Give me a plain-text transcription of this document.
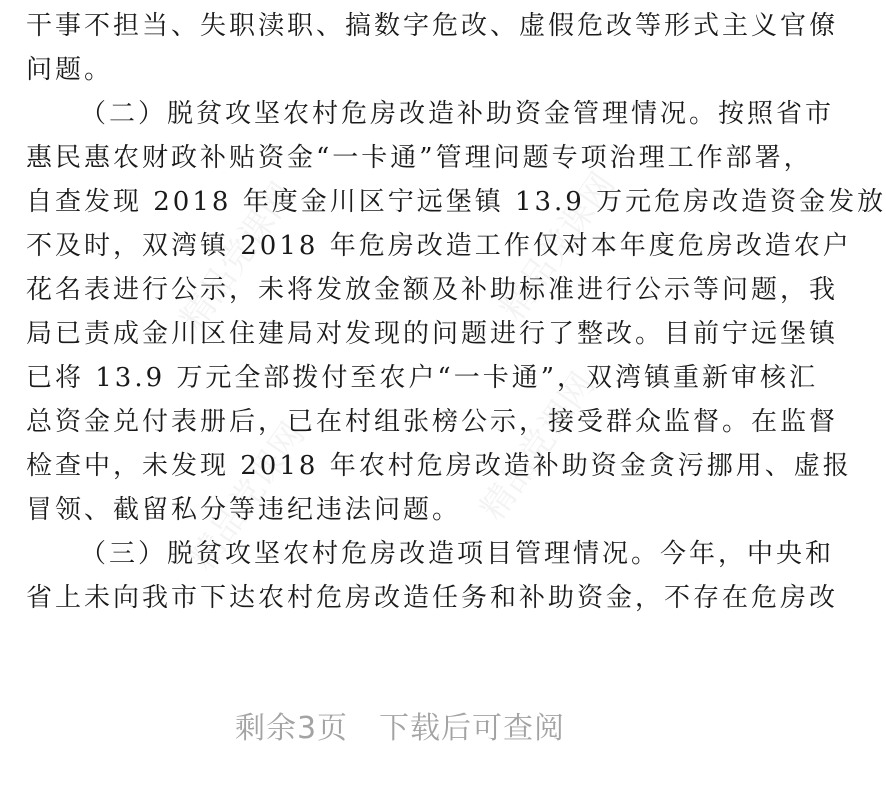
精品党课网	精品党课网
精品党课网	精品党课网
干事不担当、失职渎职、搞数字危改、虚假危改等形式主义官僚
问题。
（二）脱贫攻坚农村危房改造补助资金管理情况。按照省市
惠民惠农财政补贴资金“一卡通”管理问题专项治理工作部署，
自查发现 2018 年度金川区宁远堡镇 13.9 万元危房改造资金发放
不及时，双湾镇 2018 年危房改造工作仅对本年度危房改造农户
花名表进行公示，未将发放金额及补助标准进行公示等问题，我
局已责成金川区住建局对发现的问题进行了整改。目前宁远堡镇
已将 13.9 万元全部拨付至农户“一卡通”，双湾镇重新审核汇
总资金兑付表册后，已在村组张榜公示，接受群众监督。在监督
检查中，未发现 2018 年农村危房改造补助资金贪污挪用、虚报
冒领、截留私分等违纪违法问题。
（三）脱贫攻坚农村危房改造项目管理情况。今年，中央和
省上未向我市下达农村危房改造任务和补助资金，不存在危房改
剩余3页　下载后可查阅
